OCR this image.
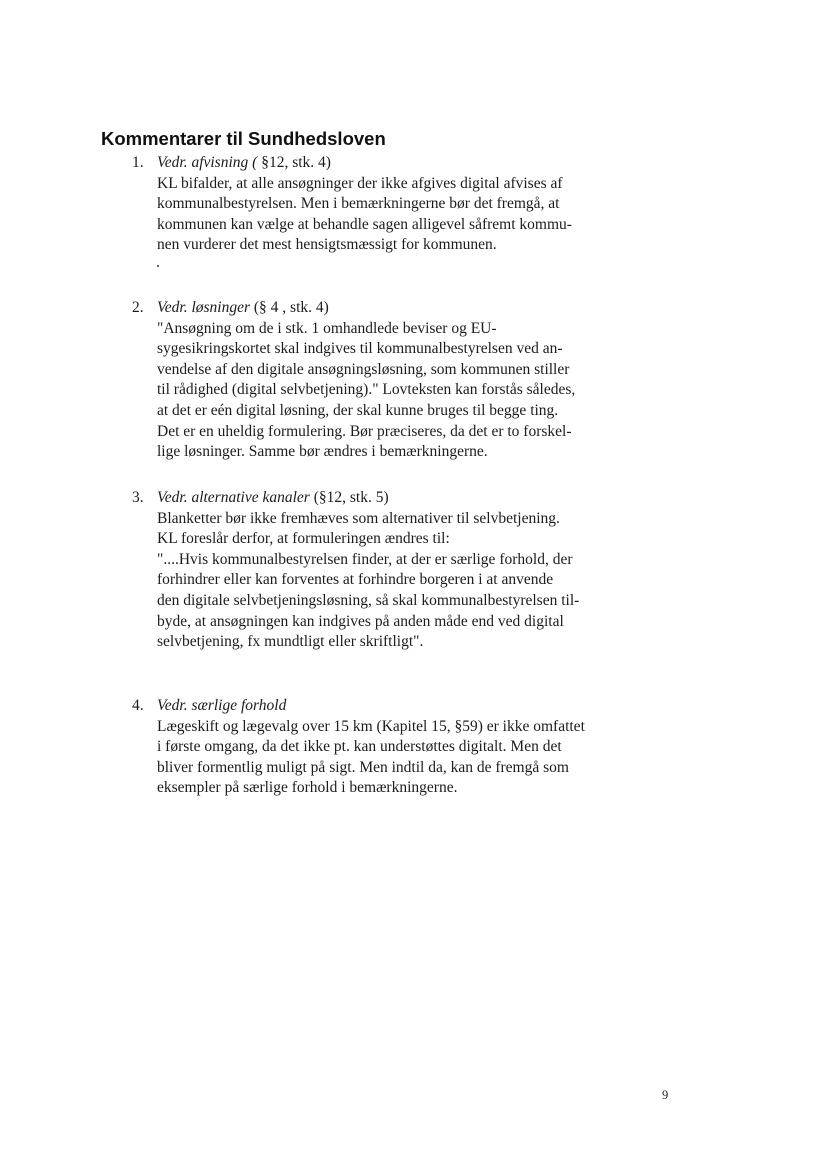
Kommentarer til Sundhedsloven
1. Vedr. afvisning ( §12, stk. 4)
KL bifalder, at alle ansøgninger der ikke afgives digital afvises af
kommunalbestyrelsen. Men i bemærkningerne bør det fremgå, at
kommunen kan vælge at behandle sagen alligevel såfremt kommu-
nen vurderer det mest hensigtsmæssigt for kommunen.
2. Vedr. løsninger (§ 4 , stk. 4)
"Ansøgning om de i stk. 1 omhandlede beviser og EU-
sygesikringskortet skal indgives til kommunalbestyrelsen ved an-
vendelse af den digitale ansøgningsløsning, som kommunen stiller
til rådighed (digital selvbetjening)." Lovteksten kan forstås således,
at det er eén digital løsning, der skal kunne bruges til begge ting.
Det er en uheldig formulering. Bør præciseres, da det er to forskel-
lige løsninger. Samme bør ændres i bemærkningerne.
3. Vedr. alternative kanaler (§12, stk. 5)
Blanketter bør ikke fremhæves som alternativer til selvbetjening.
KL foreslår derfor, at formuleringen ændres til:
"....Hvis kommunalbestyrelsen finder, at der er særlige forhold, der
forhindrer eller kan forventes at forhindre borgeren i at anvende
den digitale selvbetjeningsløsning, så skal kommunalbestyrelsen til-
byde, at ansøgningen kan indgives på anden måde end ved digital
selvbetjening, fx mundtligt eller skriftligt".
4. Vedr. særlige forhold
Lægeskift og lægevalg over 15 km (Kapitel 15, §59) er ikke omfattet
i første omgang, da det ikke pt. kan understøttes digitalt. Men det
bliver formentlig muligt på sigt. Men indtil da, kan de fremgå som
eksempler på særlige forhold i bemærkningerne.
9
